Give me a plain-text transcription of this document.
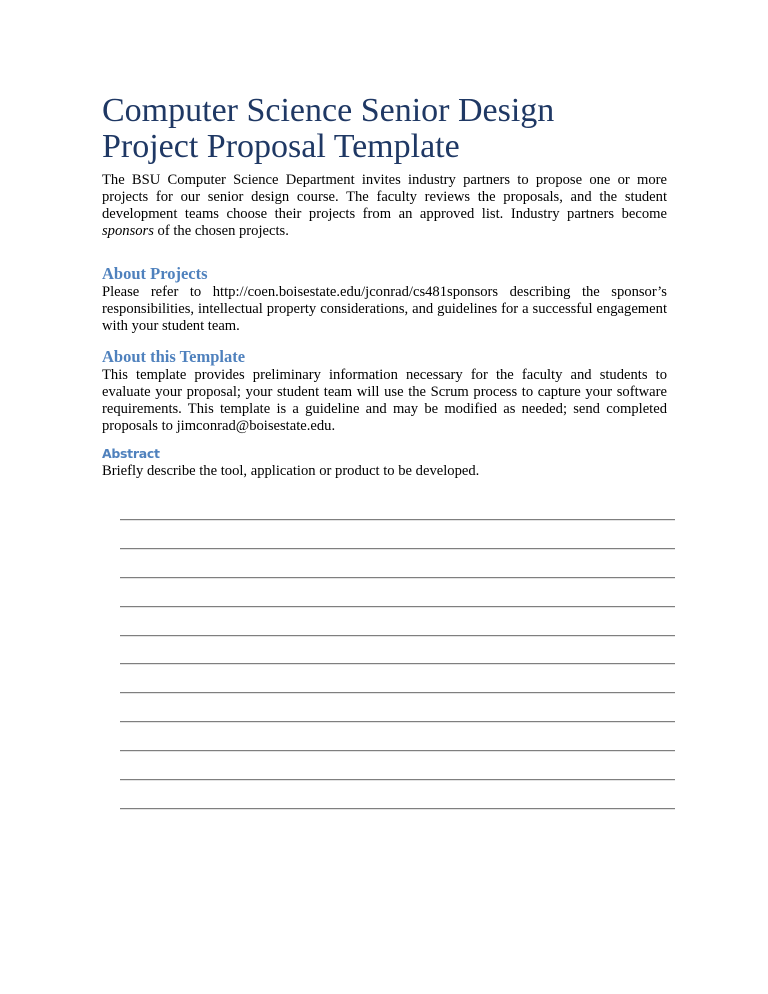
Computer Science Senior Design
Project Proposal Template

The BSU Computer Science Department invites industry partners to propose one or more projects for our senior design course. The faculty reviews the proposals, and the student development teams choose their projects from an approved list. Industry partners become sponsors of the chosen projects.

About Projects

Please refer to http://coen.boisestate.edu/jconrad/cs481sponsors describing the sponsor’s responsibilities, intellectual property considerations, and guidelines for a successful engagement with your student team.

About this Template

This template provides preliminary information necessary for the faculty and students to evaluate your proposal; your student team will use the Scrum process to capture your software requirements. This template is a guideline and may be modified as needed; send completed proposals to jimconrad@boisestate.edu.

Abstract

Briefly describe the tool, application or product to be developed.
